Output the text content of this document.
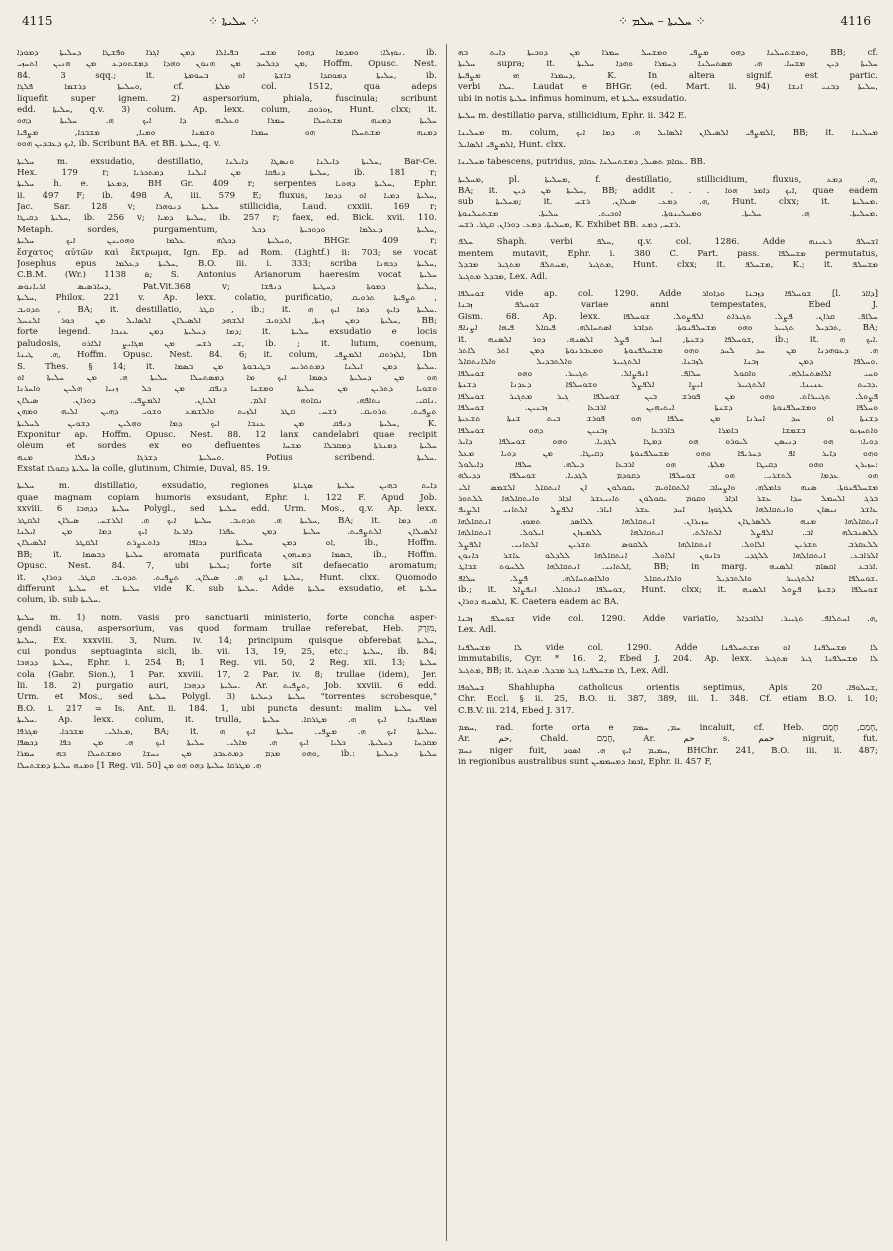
4115	⁘ ܚܠܝܬܐ ⁘	⁘ ܚܠܝܬܐ – ܚܠܡ ⁘	4116
ܢܘܙܠܐ: ܘܡܕܡܐ ܕܗܘܐ ܡܫܚ ܒܦܝܐܠܐ ܕܡܢ ܐܓܪܐ ܘܦܫܛܐ ܕܚܠܝܬܐ ܕܡܘܕܐ. ib.
ܡܢ ܕܟܠܚܕ ܡܢ ܗܢܘܢ ܘܗܕܐ ܕܡܫܬܘܕܥ ܡܢ ܗܢܝܢ ܐܬܚܙܝ, Hoffm. Opusc. Nest.
84. 3 sqq.; it. ܚܠܝܬܐ ܕܡܘܩܕܐ ܒܐܫܬܐ ܐܘ ܒܚܘܡܬܐ, ib.
ܘܚܠܝܬܐ ܕܪܫܡܐ ܦܠܓܐ, cf. ܡܠܬܐ col. 1512, qua adeps
liquefit super ignem. 2) aspersorium, phiala, fuscinula; scribunt
edd. ܚܠܝܬܐ, q.v. 3) colum. Ap. lexx. colum, ܙܘܪܘܩ, Hunt. clxx; it.
ܚܠܝܬܐ ܕܡܢܗ ܡܫܬܚܠܐ ܚܡܪܐ ܘܥܠܝܗ ܕܐ ܐܝܟ ܗ. ܚܠܝܬܐ ܕܗܘ
ܕܡܢܗ ܡܫܬܚܠܐ ܗܘ ܚܡܪܐ ܘܫܡܢܐ ܘܡܝܐ, ܡܫܒܟܐ, ܡܨܦܝܐ
ܐܝܟ ܕܥܒܕܝܢ ܗܘܘ, ib. Scribunt BA. et BB. ܚܠܝܬܐ, q. v.
ܚܠܝܬܐ m. exsudatio, destillatio, ܚܠܝܬܐ ܕܐܝܠܢܐ ܘܢܣܛܐ ܕܐܝܠܢܐ, Bar-Ce.
Hex. 179 r; ܚܠܝܬܐ ܕܢܦܩܐ ܡܢ ܐܝܠܢܐ ܕܡܬܟܪܝܐ, ib. 181 r;
ܚܠܝܬܐ h. e. ܕܡܥܬܐ, BH Gr. 409 r; serpentes ܚܠܝܬܐ ܕܗܘܝܐ, Ephr.
ii. 497 F; ib. 498 A, iii. 579 E; fluxus, ܚܠܝܬܐ ܕܡܝܐ ܐܘ ܕܕܡܐ,
Jac. Sar. 128 v; ܚܠܝܬܐ ܕܢܘܗܪܐ stillicidia, Laud. cxxiii. 169 r;
ܚܠܝܬܐ ܕܩܝܛܐ, ib. 256 v; ܚܠܝܬܐ ܕܡܝܐ, ib. 257 r; faex, ed. Bick. xvii. 110.
Metaph. sordes, purgamentum, ܚܠܝܬܐ ܕܥܠܡܐ ܘܕܘܟܝܬܐ ܕܟܠ,
ܘܚܠܝܬܐ ܕܟܠܗ ܥܠܡܐ ܘܗܘܝܢܢ ܐܝܟ ܚܠܝܬܐ, BHGr. 409 r;
ἔσχατος αὐτῶν καὶ ἔκτρωμα, Ign. Ep. ad Rom. (Lightf.) ii: 703; se vocat
Josephus epus ܚܠܝܬܐ ܕܥܠܡܐ, B.O. iii. i. 333; scriba ܚܠܝܬܐ ܕܟܗܢܐ,
C.B.M. (Wr.) 1138 a; S. Antonius Arianorum haeresim vocat ܚܠܝܬܐ
ܕܚܐܪܣܝܣ ܐܪܝܐܢܘܣ, Pat.Vit.368 v; ܚܠܝܬܐ ܕܡܘܬܐ ܕܚܛܝܬܐ ܕܢܦܫܐ,
ܚܠܝܬܐ, Philox. 221 v. Ap. lexx. colatio, purificatio, ܬܨܦܝܬܐ ܬܪܘܝܩ ,
ܬܕܘܝܒ , BA; it. destillatio, ܩܛܪ , ib.; it. ܚܠܝܬܐ ܕܐܝܟ ܕܡܐ ܐܝܟ ܗ.
ܚܠܝܬܐ ܕܡܢ ܙܝܬܐ, ܐܠܕܘܝܒ ܐܠܫܗܕ ܐܠܣܝܠܐܢ ܐܠܣܐܝܠ ܡܢ ܟܘܪ ܐܠܢܚܠ, BB;
forte legend. ܕܡܐ ܕܚܠܝܬܐ ܕܡܢ ܥܢܒܐ; it. ܚܠܝܬܐ exsudatio e locis
paludosis, ܫܝ ܪܫܚ ܡܢ ܡܓܐܝܨ ܐܠܐܪܘ, ib. ; it. lutum, coenum,
ܗ. ܛܝܢܐ, Hoffm. Opusc. Nest. 84. 6; it. colum, ܐܠܙܪܘܩ ܐܠܡܨܦܝ, Ibn
S. Thes. § 14; it. ܚܠܝܬܐ ܕܡܢ ܐܝܠܢܐ ܕܡܬܬܪܝܚ ܒܛܝܒܘܬܐ ܡܢ ܒܣܡܐ.
ܗܘ ܡܢ ܕܚܠܝܬܐ ܕܣܡܐ ܐܝܟ ܡܐ ܕܡܣܬܚܠܐ ܚܠܝܬܐ ܗ. ܡܢ ܚܠܝܬܐ ܐܘ
ܘܫܘܝܐ ܕܬܪܝܢ ܡܢ ܚܠܝܬܐ ܘܡܫܚܐ ܕܢܦܩ ܡܢ ܟܠ ܙܢܝܐ ܗܠܝܢ ܘܐܚܪܢܐ
ܢܐܩܝ. ܢܬܐܦܗ. ܢܩܐܘܗ ܐܠܡ. ܐܠܝܐܢ. ܐܠܡܨܦܝ. ܕܘܪܐܢ. ܣܝܠܐܢ.
ܬܨܦܝܬ. ܬܪܘܝܩ. ܪܫܚ. ܩܛܪ ܐܠܙܝܬ ܘܐܠܫܡܥ ܘܫܘܝ ܕܗܝܢ ܐܠܝܗ ܘܡܗܢ
ܚܠܝܬܐ ܕܢܦܩ ܡܢ ܥܢܒܐ ܐܝܟ ܕܡܐ ܘܗܠܝܢ ܕܫܘܝܢ ܠܚܠܝܬܐ, K.
Exponitur ap. Hoffm. Opusc. Nest. 88. 12 lanx candelabri quae recipit
oleum et sordes ex eo defluentes ܚܠܝܬܐ ܕܡܢܪܬܐ ܕܡܩܒܠܐ ܡܫܚܐ
ܘܚܠܝܬܐ ܕܫܪܓܐ ܕܢܦܠܐ ܡܢܗ. Potius scribend. ܚܠܝܬܐ.
Exstat ܚܠܝܬܐ ܕܩܘܠܐ la colle, glutinum, Chimie, Duval, 85. 19.
ܚܠܝܬܐ m. distillatio, exsudatio, regiones ܕܐܝܬ ܒܗܝܢ ܚܠܝܬܐ ܣܓܝܐܬܐ
quae magnam copiam humoris exsudant, Ephr. i. 122 F. Apud Job.
xxviii. 6 ܚܠܝܬܐ ܕܕܗܒܐ Polygl., sed ܚܠܝܬܐ edd. Urm. Mos., q.v. Ap. lexx.
ܚܠܝܬܐ ܗ. ܬܕܘܝܒ. ܚܠܝܬܐ ܐܝܟ ܗ. ܐܠܪܫܚ. ܣܝܠܐܢ ܐܠܩܛܪ, BA; it. ܗ. ܕܡܐ
ܐܠܣܝܠܐܢ ܐܠܬܨܦܝܬ. ܚܠܝܬܐ ܕܡܢ ܥܦܪܐ ܕܐܪܥܐ ܐܝܟ ܕܡܐ ܡܢ ܐܝܠܢܐ
ܐܘ ܕܡܢ ܚܠܝܬܐ ܕܟܐܦܐ ܕܐܬܥܨܪܬ ܐܠܩܛܪ ܐܠܣܝܠܐܢ, ib., Hoffm.
BB; it. ܚܠܝܬܐ ܕܒܣܡܐ aromata purificata ܒܣܡܐ ܕܡܢܗܘܢ, ib., Hoffm.
Opusc. Nest. 84. 7, ubi ܚܠܝܬܐ; forte sit defaecatio aromatum;
it. ܚܠܝܬܐ ܐܝܟ ܗ. ܣܝܠܐܢ. ܬܨܦܝܬ. ܬܕܘܝܒ. ܩܛܪ. ܕܘܪܐܢ, Hunt. clxx. Quomodo
differunt ܚܠܝܬܐ et ܚܠܝܬܐ vide K. sub ܚܠܝܬܐ. Adde ܚܠܝܬܐ exsudatio, et ܚܠܝܬܐ
colum, ib. sub ܚܠܝܬܐ.
ܚܠܝܬܐ m. 1) nom. vasis pro sanctuarii ministerio, forte concha asper-
gendi causa, aspersorium, vas quod formam trullae referebat, Heb. מִזְרָק,
ܚܠܝܬܐ, Ex. xxxviii. 3, Num. iv. 14; principum quisque obferebat ܚܠܝܬܐ,
cui pondus septuaginta sicli, ib. vii. 13, 19, 25, etc.; ܚܠܝܬܐ, ib. 84;
ܚܠܝܬܐ ܕܕܗܒܐ, Ephr. i. 254 B; 1 Reg. vii. 50, 2 Reg. xii. 13; ܚܠܝܬܐ
cola (Gabr. Sion.), 1 Par. xxviii. 17, 2 Par. iv. 8; trullae (idem), Jer.
lii. 18. 2) purgatio auri, ܚܠܝܬܐ ܕܕܗܒܐ. Ar. ܬܨܦܝܬ, Job. xxviii. 6 edd.
Urm. et Mos., sed ܚܠܝܬܐ Polygl. 3) ܚܠܝܬܐ ܕܚܠܝܬܐ "torrentes scrobesque,"
B.O. i. 217 = Is. Ant. ii. 184. 1, ubi puncta desunt: malim ܚܠܝܬܐ vel
ܚܠܝܬܐ. Ap. lexx. colum, it. trulla, ܡܣܐܦܢܕܐ ܐܝܟ ܗ. ܡܛܪܩܐ. ܚܠܝܬܐ
ܡܥܐܠܝ. ܡܫܒܟܐ. ܡܓܪܦܐ, BA; it. ܚܠܝܬܐ ܐܝܟ ܗ. ܡܨܦܝ. ܚܠܝܬܐ ܐܝܟ ܗ.
ܡܩܕܚܐ ܕܚܠܝܬܐ. ܟܠܝܐ ܐܝܟ ܗ. ܡܐܠܝ. ܚܠܝܬܐ ܐܝܟ ܗ. ܡܢ ܟܦܐ ܕܟܣܦܐ
ܘܗܘ ܡܕܡ ܕܡܬܥܒܕ ܡܢ ܢܚܫܐ ܘܡܫܬܚܠܐ ܒܗ ܚܡܪܐ, ib.: ܚܠܝܬܐ ܕܚܠܝܬܐ
ܘܡܢܗ ܚܠܝܬܐ ܕܡܫܬܚܠܐ [1 Reg. vii. 50] ܗ. ܡܛܪܩܐ ܚܠܝܬܐ ܕܗܘ ܗܘ ܡܢ
ܘܡܫܬܚܠܢܐ ܕܗܘ ܡܨܦܝ ܘܡܫܚܠ ܚܡܪܐ ܡܢ ܕܘܟܝܬܐ ܕܐܝܬ ܒܗ, BB; cf.
ܚܠܝܬܐ supra; it. ܚܠܝܬܐ ܕܝܢ ܡܫܚܐ. ܗ. ܡܣܬܚܠܢܐ ܕܚܡܪܐ ܘܗܕܐ ܚܠܝܬܐ
ܕܚܡܪܐ ܗܝ ܡܨܦܝܬܐ, K. In altera signif. est partic.
verbi ܚܠܐ. Laudat e BHGr. (ed. Mart. ii. 94) ܚܠܝܬܐ ܕܒܢܝ ܐܢܫܐ,
ubi in notis ܚܠܝܬܐ infimus hominum, et ܚܠܝܬܐ exsudatio.
ܚܠܝܬܐ m. destillatio parva, stillicidium, Ephr. ii. 342 E.
ܡܚܠܝܢܐ m. colum, ܐܠܡܨܦܝ ܐܠܣܝܠܐܢ ܐܠܣܐܝܠ ܗ. ܕܡܐ ܐܝܟ, BB; it. ܡܚܠܝܢܐ
ܐܠܡܨܦܝ ܐܠܣܐܝܠ, Hunt. clxx.
ܡܚܠܝܢܐ tabescens, putridus, ܥܩܐܡ ܬܣܝܠ, ܕܡܫܬܚܠܢܐ ܥܩܐܡ. BB.
ܡܚܠܝܬܐ, pl. ܡܚܠܝܬܐ, f. destillatio, stillicidium, fluxus, ܗ. ܕܡܥ,
BA; it. ܚܠܝܬܐ ܡܢ ܕܝܢ, BB; addit . . . ܐܝܟ ܕܐܡܪ ܗܘܐ, quae eadem
sub ܡܚܠܝܬܐ; it. ܗ. ܕܡܥ. ܣܝܠܐܢ. ܪܫܚ, Hunt. clxx; it. ܡܚܠܝܬܐ.
ܡܚܠܝܬܐ. ܗ. ܚܠܝܬܐ. ܘܡܚܠܝܢܘܬܐ. ܐܘܟܝܬ. ܚܠܝܬܐ. ܡܫܬܚܠܢܘܬܐ.
ܡܚܠܝܬܐ. ܕܡܥ. ܕܘܪܐܢ. ܩܛܪ. ܪܫܚ, K. Exhibet BB. ܪܫܚ, ܕܡܥ.
ܚܠܦ Shaph. verbi ܚܠܦ, q.v. col. 1286. Adde ܐܫܚܠܦ ܪܥܝܢܗ
mentem mutavit, Ephr. i. 380 C. Part. pass. ܡܫܚܠܦܐ permutatus,
ܡܬܓܝܪ ,ܡܚܬܠܦ ܡܬܓܝܪ ܡܒܕܠ, Hunt. clxx; it. ܡܫܚܠܦ, K.; it. ܡܫܚܠܦ
ܡܒܕܠ ܡܬܓܝܪ, Lex. Adl.
ܫܘܚܠܦܐ vide ap. col. 1290. Adde ܫܘܚܠܦܐ ܕܙܒܢܐ ܘܕܐܘܐܪ [l. ܕܐܐܪ]
ܫܘܚܠܦ ܙܒܢܐ variae anni tempestates, Ebed J.
Gism. 68. Ap. lexx. ܚܠܐܦ. ܩܪܐܢ. ܦܨܠ. ܬܓܝܪܐܬ ܐܠܦܨܘܠ. ܫܘܚܠܦܐ
ܬܒܕܝܠ ܬܓܝܝܪ ܘܗܘ ܡܫܚܠܦܢܘܬܐ. ܬܕܐܒܪ ܐܣܬܚܐܠܗ. ܦܝܩܐܠ ܦܝܗܐ ܐܨܢܐܦ, BA;
it. ܫܘܚܠܦܐ ܕܫܢܬܐ, ܐܚܪ ܦܨܠ ܐܠܣܢܗ. ܕܘܪ ܐܠܣܢܗ, ib.; it. ܐܝܟ ܗ.
ܗ. ܕܥܘܗܕܢܐ ܡܢ ܚܕ ܠܚܕ ܘܗܘ ܡܫܚܠܦܢܘܬܐ ܘܡܥܒܪܢܘܬܐ ܕܡܢ ܐܬܪ ܠܐܬܪ
ܘܚܠܦܐ ܕܡܢ ܙܒܢܐ ܠܙܒܢܐ. ܐܠܬܓܝܝܪ ܘܐܠܬܒܕܝܠ ܘܐܠܐܢܬܩܐܠ.
ܘܚܝ ܐܠܐܣܬܚܐܠܗ. ܘܐܩܘܠ ܚܠܐܦ. ܐܢܦܨܐܠ. ܬܓܝܝܪ. ܘܗܘ ܫܘܚܠܦܐ
ܕܒܝܬ ܥܢܝܢܐ. ܐܠܬܓܝܝܪ ܐܝܨܐ ܐܠܦܨܠ ܘܫܘܚܠܦܐ ܕܥܕܢܐ ܕܫܢܬܐ.
ܦܨܘܠ. ܬܓܝܝܪܐܬ. ܘܗܘ ܡܢ ܦܘܪܫ ܒܝܢ ܫܘܚܠܦܐ ܓܝܪ ܡܬܓܝܪ ܫܘܚܠܦܐ
ܘܚܠܦܐ ܘܡܫܚܠܦܢܘܬܐ ܕܫܢܬܐ ܐܝܬܝܗܝܢ ܐܪܒܥܐ ܙܒܢܝܢ. ܫܘܚܠܦܐ
ܕܫܢܬܐ ܐܘ ܚܕ ܐܚܪܢܐ ܡܢ ܚܠܦܐ ܗܘ ܦܘܪܫ ܒܝܬ ܫܢܬܐ ܬܫܥܝܬܐ
ܘܐܬܚܙܝܘ ܒܫܡܫܐ ܒܐܡܪܐ ܒܐܪܒܥܐ ܙܒܢܝܢ ܕܗܘ ܫܘܚܠܦܐ
ܕܘܝܐ: ܗܘ ܕܢܝܣܢ ܠܝܘܪܘ ܗܘ ܕܡܛܐ ܠܓܕܝܐ. ܘܗܘ ܫܘܚܠܦܐ ܕܐܝܪ
ܘܗܘ ܕܐܝܪ ܐܦ ܕܚܪܝܦܐ ܘܗܘ ܡܫܚܠܦܢܘܬܐ ܕܩܝܛܐ. ܡܢ ܕܘܝܐ ܡܥܠ
ܚܙܝܪܢ ܘܗܘ ܕܩܝܛܐ ܡܠܬܐ. ܗܘ ܐܪܒܥܐ ܕܝܠܗ. ܚܠܦܐ ܕܐܝܠܘܠ:
ܗܘ ܥܕܡܐ ܠܬܫܪܝ. ܗܘ ܫܘܚܠܦܐ ܕܩܘܕܡ ܠܓܕܝܐ. ܫܘܚܠܦܐ ܕܕܝܠܗ
ܡܫܚܠܦܢܘܬܐ. ܣܢܗ ܟܐܡܠܗ. ܘܐܨܚܐܒ ܐܠܬܩܐܘܝܡ ܝܩܘܠܘܢ ܐܢ ܐܢܬܩܐܠ ܐܠܫܡܣ ܐܠܝ
ܒܪܓ ܐܠܚܡܠ ܚܕܐ ܥܫܪ ܐܕܐܪ ܘܩܘܡ ܝܩܘܠܘܢ ܬܐܢܝܥܫܪ ܐܕܐܪ ܘܐܢܬܩܐܠܗܐ ܠܠܬܘܪ
ܥܐܫܪ ܢܝܣܐܢ ܘܐܢܬܩܐܠܗܐ ܠܠܓܘܙܐ ܐܚܕ ܥܫܪ ܐܝܐܪ. ܐܠܦܨܠ ܐܠܬܐܢܝ ܐܠܨܝܦ
ܐܢܬܩܐܠܗܐ ܡܢܗ ܠܠܣܪܛܐܢ ܚܙܝܪܐܢ. ܐܢܬܩܐܠܗܐ ܠܠܐܣܕ ܬܡܘܙ. ܐܢܬܩܐܠܗܐ
ܠܠܣܢܒܠܗ ܐܒ. ܐܠܦܨܠ ܐܠܬܐܠܬ. ܐܢܬܩܐܠܗܐ ܠܠܡܝܙܐܢ ܐܝܠܘܠ. ܐܢܬܩܐܠܗܐ
ܠܠܥܩܪܒ ܬܫܪܝܢ ܐܠܐܘܠ. ܐܢܬܩܐܠܗܐ ܠܠܩܘܣ ܬܫܪܝܢ ܐܠܬܐܢܝ. ܐܠܦܨܠ
ܐܠܪܐܒܥ. ܐܢܬܩܐܠܗܐ ܠܠܓܕܝ ܟܐܢܘܢ ܐܠܐܘܠ. ܐܢܬܩܐܠܗܐ ܠܠܕܠܘ ܥܐܫܪ ܟܐܢܘܢ
ܐܠܬܐܢܝ. ܐܢܬܩܐܠܗܐ ܠܠܚܘܬ ܫܒܐܛ, BB; in marg. ܐܪܒܥ ܐܩܣܐܡ ܐܠܣܢܗ.
ܫܘܚܠܦܐ ܐܠܬܓܝܝܪ ܘܐܠܬܒܕܝܠ ܘܐܠܐܢܬܩܐܠ ܘܐܠܐܣܬܚܐܠܗ. ܦܨܠ. ܚܠܐܦ.
ib.; it. ܫܘܚܠܦܐ ܐܢܬܩܐܠ. ܐܢܦܨܐܠ, Hunt. clxx; it. ܫܘܚܠܦܐ ܕܫܢܬܐ ܦܨܘܠ ܐܠܣܢܗ
ܐܠܣܢܗ ܕܘܪܐܢ, K. Caetera eadem ac BA.
ܫܘܚܠܦ ܙܒܢܐ vide col. 1290. Adde variatio, ܗ. ܐܚܬܠܐܦ. ܬܓܝܝܪ. ܐܠܐܒܕܐܠ,
Lex. Adl.
ܠܐ ܡܫܚܠܦܢܐ vide col. 1290. Adde ܠܐ ܡܫܚܠܦܢܐ ܐܘ ܡܫܬܚܠܦܢܐ
immutabilis, Cyr. * 16. 2, Ebed J. 204. Ap. lexx. ܠܐ ܡܫܚܠܦܢܐ ܓܝܪ ܡܬܓܝܪ
ܡܬܓܝܪ, BB; it. ܠܐ ܡܫܚܠܦܢܐ ܓܝܪ ܡܒܕܠ. ܡܬܓܝܪ, Lex. Adl.
ܫܚܠܘܦܐ Shahlupha catholicus orientis septimus, Apis ܫܚܠܘܦܐ. 20,
Chr. Eccl. § ii. 25, B.O. ii. 387, 389, iii. 1. 348. Cf. etiam B.O. i. 10;
C.B.V. iii. 214, Ebed J. 317.
ܚܡܡ, rad. forte orta e ܚܡ, ܚܡܡ incaluit, cf. Heb. חָמַם, חָמָם,
Ar. حم, Chald. חֲמַם, Ar. حم s. حمم nigruit, fut.
ܢܚܡ niger fuit, ܚܡܝܡ ܐܝܟ ܗ. ܐܣܘܕ, BHChr. 241, B.O. iii. ii. 487;
in regionibus australibus sunt ܐܟܡܐ ܕܡܚܡܡܝܢ, Ephr. ii. 457 F,
